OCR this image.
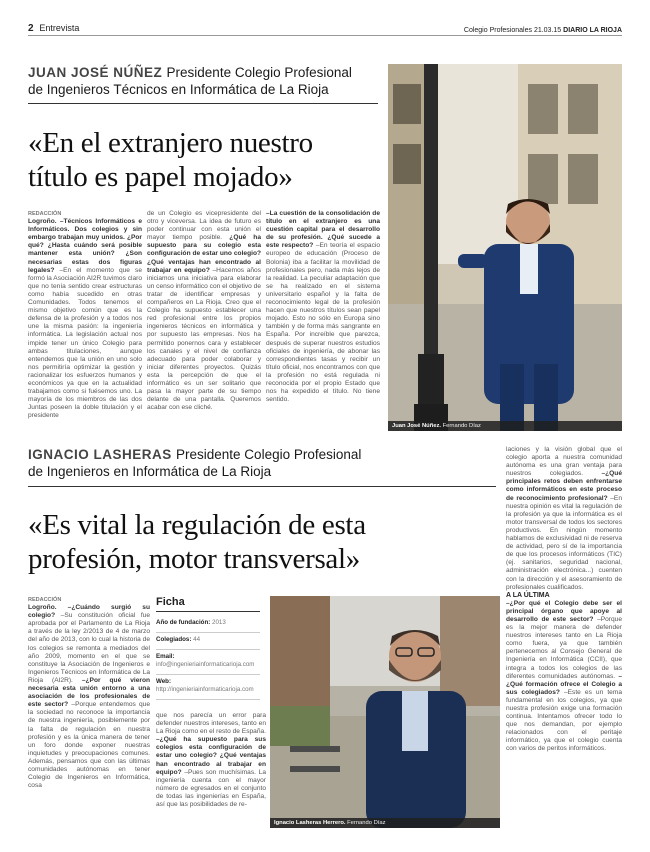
2 Entrevista	Colegio Profesionales 21.03.15 DIARIO LA RIOJA
JUAN JOSÉ NÚÑEZ Presidente Colegio Profesional
de Ingenieros Técnicos en Informática de La Rioja
«En el extranjero nuestro
título es papel mojado»
REDACCIÓN
Logroño. –Técnicos Informáticos e Informáticos. Dos colegios y sin embargo trabajan muy unidos. ¿Por qué? ¿Hasta cuándo será posible mantener esta unión? ¿Son necesarias estas dos figuras legales? –En el momento que se formó la Asociación AI2R tuvimos claro que no tenía sentido crear estructuras como había sucedido en otras Comunidades. Todos tenemos el mismo objetivo común que es la defensa de la profesión y a todos nos une la misma pasión: la ingeniería informática. La legislación actual nos impide tener un único Colegio para ambas titulaciones, aunque entendemos que la unión en uno solo nos permitiría optimizar la gestión y racionalizar los esfuerzos humanos y económicos ya que en la actualidad trabajamos como si fuésemos uno. La mayoría de los miembros de las dos Juntas poseen la doble titulación y el presidente
de un Colegio es vicepresidente del otro y viceversa. La idea de futuro es poder continuar con esta unión el mayor tiempo posible. ¿Qué ha supuesto para su colegio esta configuración de estar uno colegio? ¿Qué ventajas han encontrado al trabajar en equipo? –Hacemos años iniciamos una iniciativa para elaborar un censo informático con el objetivo de tratar de identificar empresas y compañeros en La Rioja. Creo que el Colegio ha supuesto establecer una red profesional entre los propios ingenieros técnicos en informática y por supuesto las empresas. Nos ha permitido ponernos cara y establecer los canales y el nivel de confianza adecuado para poder colaborar y iniciar diferentes proyectos. Quizás esta la percepción de que el informático es un ser solitario que pasa la mayor parte de su tiempo delante de una pantalla. Queremos acabar con ese cliché.
–La cuestión de la consolidación de título en el extranjero es una cuestión capital para el desarrollo de su profesión. ¿Qué sucede a este respecto? –En teoría el espacio europeo de educación (Proceso de Bolonia) iba a facilitar la movilidad de profesionales pero, nada más lejos de la realidad. La peculiar adaptación que se ha realizado en el sistema universitario español y la falta de reconocimiento legal de la profesión hacen que nuestros títulos sean papel mojado. Esto no sólo en Europa sino también y de forma más sangrante en España. Por increíble que parezca, después de superar nuestros estudios oficiales de ingeniería, de abonar las correspondientes tasas y recibir un título oficial, nos encontramos con que la profesión no está regulada ni reconocida por el propio Estado que nos ha expedido el título. No tiene sentido.
Juan José Núñez. Fernando Díaz
IGNACIO LASHERAS Presidente Colegio Profesional
de Ingenieros en Informática de La Rioja
«Es vital la regulación de esta
profesión, motor transversal»
REDACCIÓN
Logroño. –¿Cuándo surgió su colegio? –Su constitución oficial fue aprobada por el Parlamento de La Rioja a través de la ley 2/2013 de 4 de marzo del año de 2013, con lo cual la historia de los colegios se remonta a mediados del año 2009, momento en el que se constituye la Asociación de Ingenieros e Ingenieros Técnicos en Informática de La Rioja (AI2R). –¿Por qué vieron necesaria esta unión entorno a una asociación de los profesionales de este sector? –Porque entendemos que la sociedad no reconoce la importancia de nuestra ingeniería, posiblemente por la falta de regulación en nuestra profesión y es la única manera de tener un foro donde exponer nuestras inquietudes y preocupaciones comunes. Además, pensamos que con las últimas comunidades autónomas en tener Colegio de Ingenieros en Informática, cosa
Ficha
Año de fundación: 2013
Colegiados: 44
Email: info@ingenieriainformaticarioja.com
Web: http://ingenieriainformaticarioja.com
que nos parecía un error para defender nuestros intereses, tanto en La Rioja como en el resto de España. –¿Qué ha supuesto para sus colegios esta configuración de estar uno colegio? ¿Qué ventajas han encontrado al trabajar en equipo? –Pues son muchísimas. La ingeniería cuenta con el mayor número de egresados en el conjunto de todas las ingenierías en España, así que las posibilidades de re-
Ignacio Lasheras Herrero. Fernando Díaz
laciones y la visión global que el colegio aporta a nuestra comunidad autónoma es una gran ventaja para nuestros colegiados. –¿Qué principales retos deben enfrentarse como informáticos en este proceso de reconocimiento profesional? –En nuestra opinión es vital la regulación de la profesión ya que la informática es el motor transversal de todos los sectores productivos. En ningún momento hablamos de exclusividad ni de reserva de actividad, pero sí de la importancia de que los procesos informáticos (TIC) (ej. sanitarios, seguridad nacional, administración electrónica...) cuenten con la dirección y el asesoramiento de profesionales cualificados.
A LA ÚLTIMA
–¿Por qué el Colegio debe ser el principal órgano que apoye al desarrollo de este sector? –Porque es la mejor manera de defender nuestros intereses tanto en La Rioja como fuera, ya que también pertenecemos al Consejo General de Ingeniería en Informática (CCII), que integra a todos los colegios de las diferentes comunidades autónomas. –¿Qué formación ofrece el Colegio a sus colegiados? –Este es un tema fundamental en los colegios, ya que nuestra profesión exige una formación continua. Intentamos ofrecer todo lo que nos demandan, por ejemplo relacionados con el peritaje informático, ya que el colegio cuenta con varios de peritos informáticos.
